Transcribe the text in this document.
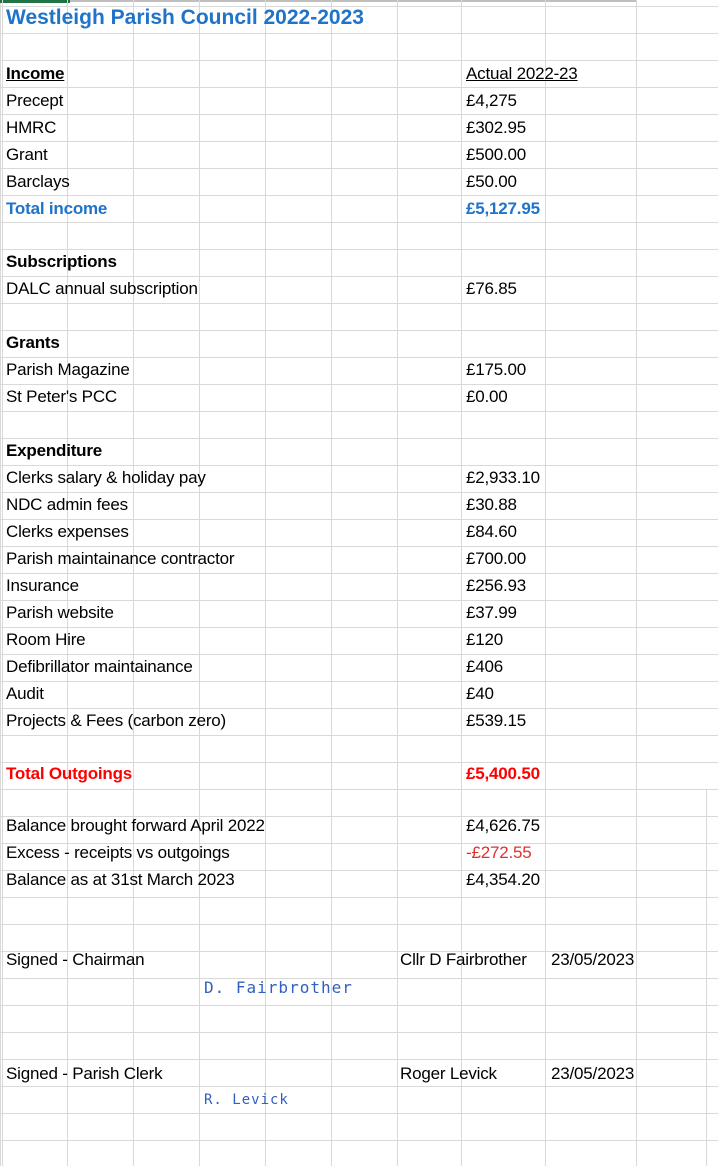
Westleigh Parish Council 2022-2023
Income	Actual 2022-23
Precept	£4,275
HMRC	£302.95
Grant	£500.00
Barclays	£50.00
Total income	£5,127.95
Subscriptions
DALC annual subscription	£76.85
Grants
Parish Magazine	£175.00
St Peter's PCC	£0.00
Expenditure
Clerks salary & holiday pay	£2,933.10
NDC admin fees	£30.88
Clerks expenses	£84.60
Parish maintainance contractor	£700.00
Insurance	£256.93
Parish website	£37.99
Room Hire	£120
Defibrillator maintainance	£406
Audit	£40
Projects & Fees (carbon zero)	£539.15
Total Outgoings	£5,400.50
Balance brought forward April 2022	£4,626.75
Excess - receipts vs outgoings	-£272.55
Balance as at 31st March 2023	£4,354.20
Signed - Chairman	Cllr D Fairbrother 23/05/2023
D. Fairbrother
Signed - Parish Clerk	Roger Levick	23/05/2023
R. Levick
